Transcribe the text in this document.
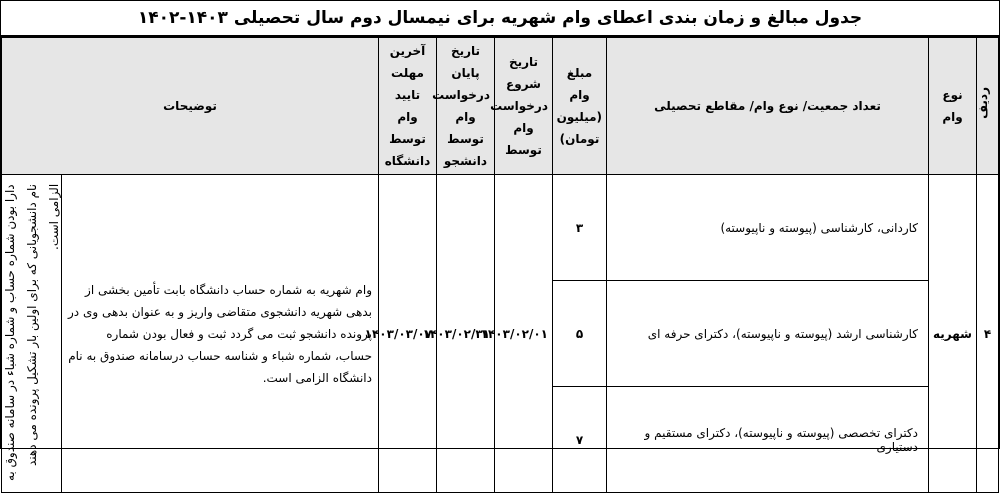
جدول مبالغ و زمان بندی اعطای وام شهریه برای نیمسال دوم سال تحصیلی ۱۴۰۳-۱۴۰۲
ردیف	نوع وام	تعداد جمعیت/ نوع وام/ مقاطع تحصیلی	مبلغ وام (میلیون تومان)	تاریخ شروع درخواست وام توسط	تاریخ پایان درخواست وام توسط دانشجو	آخرین مهلت تایید وام توسط دانشگاه	توضیحات	
۴	شهریه	کاردانی، کارشناسی (پیوسته و ناپیوسته)	۳	۱۴۰۳/۰۲/۰۱	۱۴۰۳/۰۲/۳۱	۱۴۰۳/۰۳/۰۷	وام شهریه به شماره حساب دانشگاه بابت تأمین بخشی از بدهی شهریه دانشجوی متقاضی واریز و به عنوان بدهی وی در پرونده دانشجو ثبت می گردد ثبت و فعال بودن شماره حساب، شماره شباء و شناسه حساب درسامانه صندوق به نام دانشگاه الزامی است.	دارا بودن شماره حساب و شماره شباء در سامانه صندوق به نام دانشجویانی که برای اولین بار تشکیل پرونده می دهند الزامی است.

		کارشناسی ارشد (پیوسته و ناپیوسته)، دکترای حرفه ای	۵					
		دکترای تخصصی (پیوسته و ناپیوسته)، دکترای مستقیم و دستیاری	۷					
